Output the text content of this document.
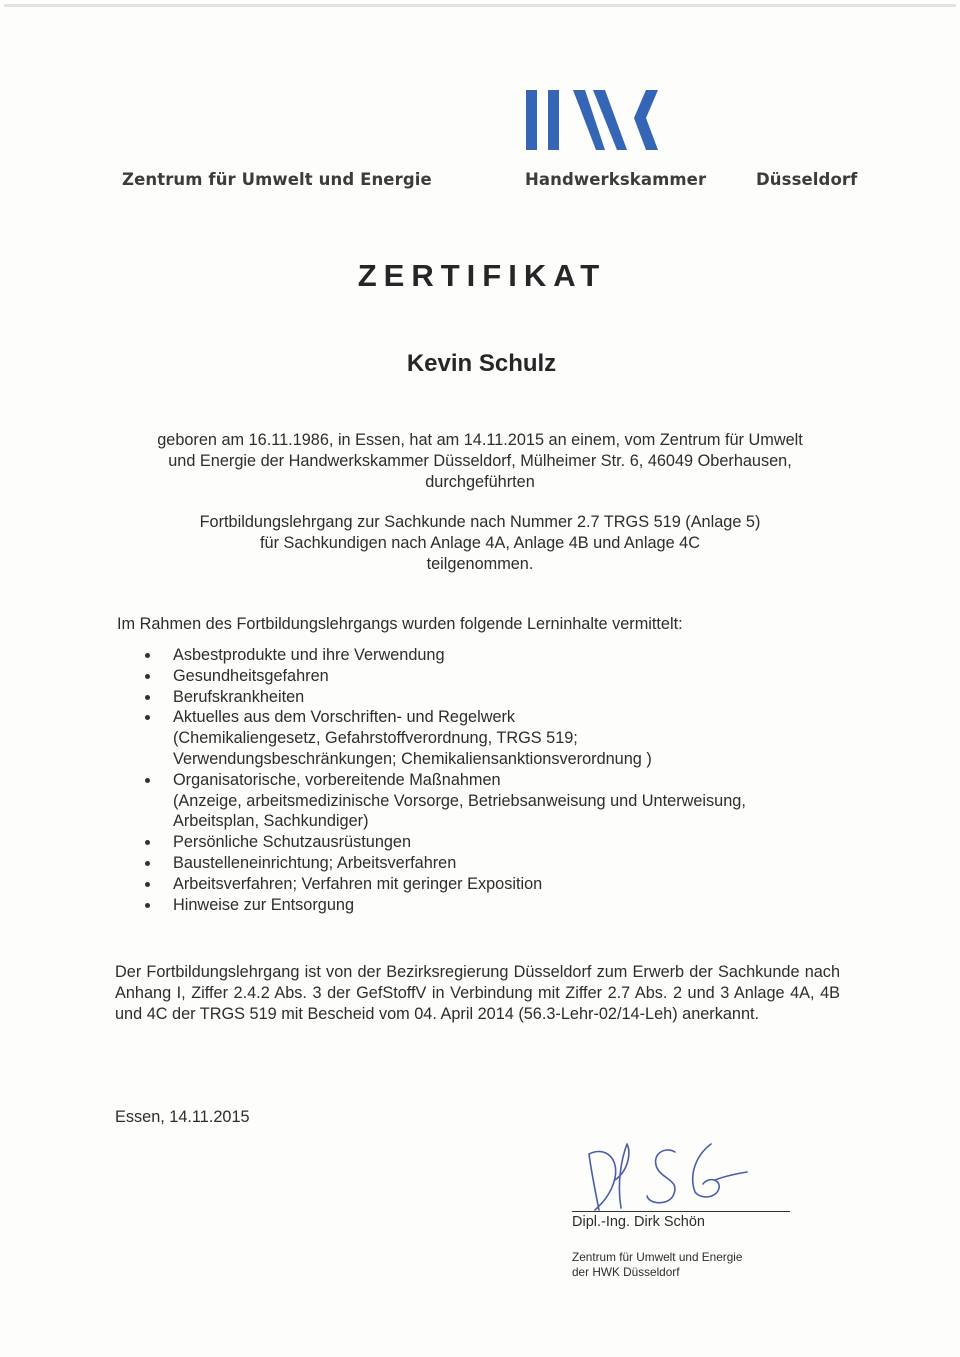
Zentrum für Umwelt und Energie	Handwerkskammer	Düsseldorf
ZERTIFIKAT
Kevin Schulz
geboren am 16.11.1986, in Essen, hat am 14.11.2015 an einem, vom Zentrum für Umwelt
und Energie der Handwerkskammer Düsseldorf, Mülheimer Str. 6, 46049 Oberhausen,
durchgeführten
Fortbildungslehrgang zur Sachkunde nach Nummer 2.7 TRGS 519 (Anlage 5)
für Sachkundigen nach Anlage 4A, Anlage 4B und Anlage 4C
teilgenommen.
Im Rahmen des Fortbildungslehrgangs wurden folgende Lerninhalte vermittelt:
Asbestprodukte und ihre Verwendung
Gesundheitsgefahren
Berufskrankheiten
Aktuelles aus dem Vorschriften- und Regelwerk
(Chemikaliengesetz, Gefahrstoffverordnung, TRGS 519;
Verwendungsbeschränkungen; Chemikaliensanktionsverordnung )
Organisatorische, vorbereitende Maßnahmen
(Anzeige, arbeitsmedizinische Vorsorge, Betriebsanweisung und Unterweisung,
Arbeitsplan, Sachkundiger)
Persönliche Schutzausrüstungen
Baustelleneinrichtung; Arbeitsverfahren
Arbeitsverfahren; Verfahren mit geringer Exposition
Hinweise zur Entsorgung
Der Fortbildungslehrgang ist von der Bezirksregierung Düsseldorf zum Erwerb der Sachkunde nach Anhang I, Ziffer 2.4.2 Abs. 3 der GefStoffV in Verbindung mit Ziffer 2.7 Abs. 2 und 3 Anlage 4A, 4B und 4C der TRGS 519 mit Bescheid vom 04. April 2014 (56.3-Lehr-02/14-Leh) anerkannt.
Essen, 14.11.2015
Dipl.-Ing. Dirk Schön
Zentrum für Umwelt und Energie
der HWK Düsseldorf
